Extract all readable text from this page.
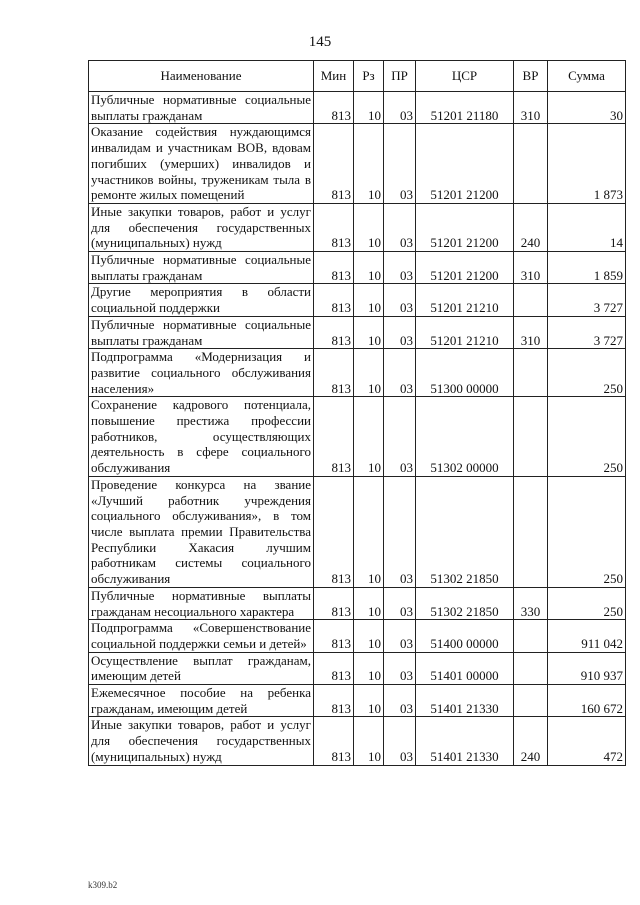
145
Наименование	Мин	Рз	ПР	ЦСР	ВР	Сумма
Публичные нормативные социальные выплаты гражданам	813	10	03	51201 21180	310	30
Оказание содействия нуждающимся инвалидам и участникам ВОВ, вдовам погибших (умерших) инвалидов и участников войны, труженикам тыла в ремонте жилых помещений	813	10	03	51201 21200		1 873
Иные закупки товаров, работ и услуг для обеспечения государственных (муниципальных) нужд	813	10	03	51201 21200	240	14
Публичные нормативные социальные выплаты гражданам	813	10	03	51201 21200	310	1 859
Другие мероприятия в области социальной поддержки	813	10	03	51201 21210		3 727
Публичные нормативные социальные выплаты гражданам	813	10	03	51201 21210	310	3 727
Подпрограмма «Модернизация и развитие социального обслуживания населения»	813	10	03	51300 00000		250
Сохранение кадрового потенциала, повышение престижа профессии работников, осуществляющих деятельность в сфере социального обслуживания	813	10	03	51302 00000		250
Проведение конкурса на звание «Лучший работник учреждения социального обслуживания», в том числе выплата премии Правительства Республики Хакасия лучшим работникам системы социального обслуживания	813	10	03	51302 21850		250
Публичные нормативные выплаты гражданам несоциального характера	813	10	03	51302 21850	330	250
Подпрограмма «Совершенствование социальной поддержки семьи и детей»	813	10	03	51400 00000		911 042
Осуществление выплат гражданам, имеющим детей	813	10	03	51401 00000		910 937
Ежемесячное пособие на ребенка гражданам, имеющим детей	813	10	03	51401 21330		160 672
Иные закупки товаров, работ и услуг для обеспечения государственных (муниципальных) нужд	813	10	03	51401 21330	240	472
k309.b2
